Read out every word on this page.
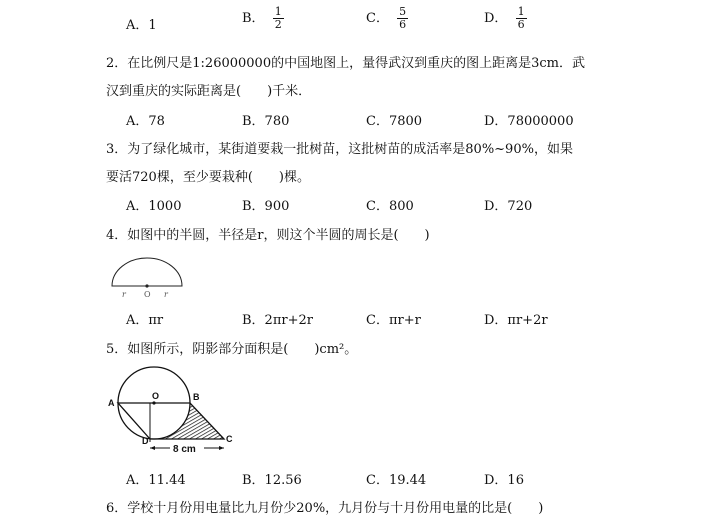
A．1	B． $\frac{1}{2}$	C． $\frac{5}{6}$	D． $\frac{1}{6}$
2．在比例尺是1:26000000的中国地图上，量得武汉到重庆的图上距离是3cm．武
汉到重庆的实际距离是(　　)千米．
A．78	B．780	C．7800	D．78000000
3．为了绿化城市，某街道要栽一批树苗，这批树苗的成活率是80%~90%，如果
要活720棵，至少要栽种(　　)棵。
A．1000	B．900	C．800	D．720
4．如图中的半圆，半径是r，则这个半圆的周长是(　　)
r O r
A．πr	B．2πr+2r	C．πr+r	D．πr+2r
5．如图所示，阴影部分面积是(　　)cm²。
8 cm
A
O	B
D	C
A．11.44	B．12.56	C．19.44	D．16
6．学校十月份用电量比九月份少20%，九月份与十月份用电量的比是(　　)
